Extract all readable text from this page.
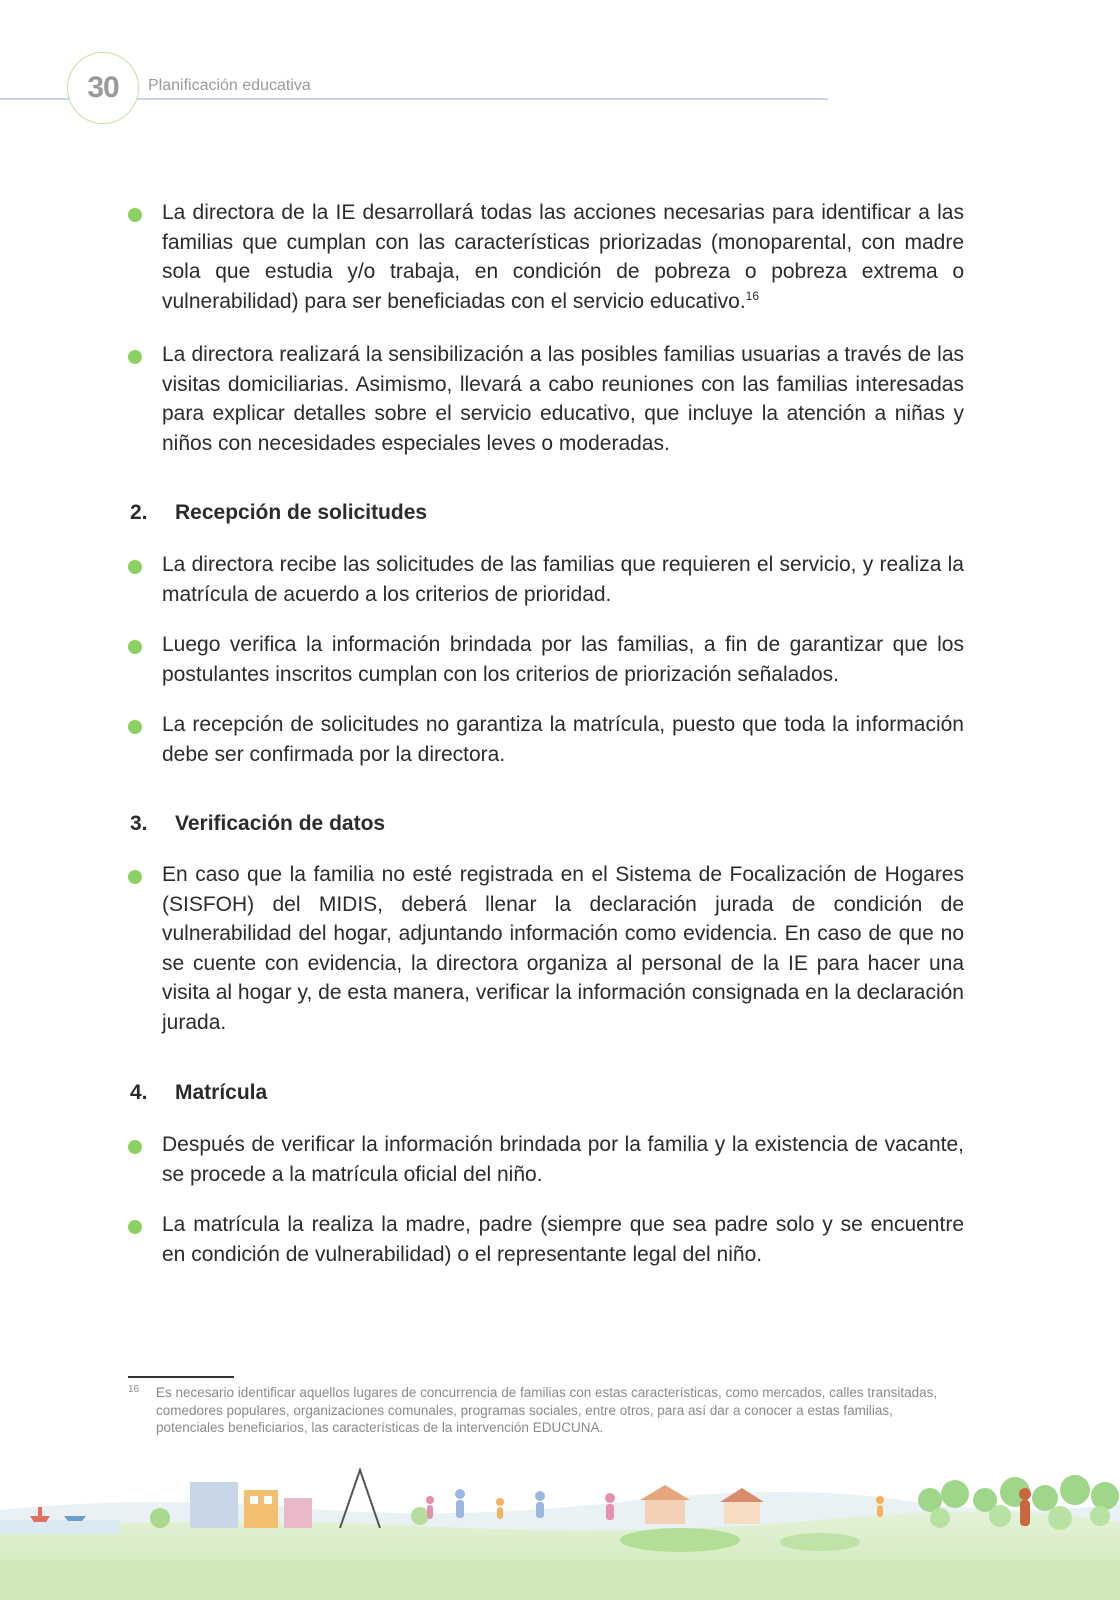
30 Planificación educativa
La directora de la IE desarrollará todas las acciones necesarias para identificar a las familias que cumplan con las características priorizadas (monoparental, con madre sola que estudia y/o trabaja, en condición de pobreza o pobreza extrema o vulnerabilidad) para ser beneficiadas con el servicio educativo.$^{16}$
La directora realizará la sensibilización a las posibles familias usuarias a través de las visitas domiciliarias. Asimismo, llevará a cabo reuniones con las familias interesadas para explicar detalles sobre el servicio educativo, que incluye la atención a niñas y niños con necesidades especiales leves o moderadas.
2. Recepción de solicitudes
La directora recibe las solicitudes de las familias que requieren el servicio, y realiza la matrícula de acuerdo a los criterios de prioridad.
Luego verifica la información brindada por las familias, a fin de garantizar que los postulantes inscritos cumplan con los criterios de priorización señalados.
La recepción de solicitudes no garantiza la matrícula, puesto que toda la información debe ser confirmada por la directora.
3. Verificación de datos
En caso que la familia no esté registrada en el Sistema de Focalización de Hogares (SISFOH) del MIDIS, deberá llenar la declaración jurada de condición de vulnerabilidad del hogar, adjuntando información como evidencia. En caso de que no se cuente con evidencia, la directora organiza al personal de la IE para hacer una visita al hogar y, de esta manera, verificar la información consignada en la declaración jurada.
4. Matrícula
Después de verificar la información brindada por la familia y la existencia de vacante, se procede a la matrícula oficial del niño.
La matrícula la realiza la madre, padre (siempre que sea padre solo y se encuentre en condición de vulnerabilidad) o el representante legal del niño.
16 Es necesario identificar aquellos lugares de concurrencia de familias con estas características, como mercados, calles transitadas, comedores populares, organizaciones comunales, programas sociales, entre otros, para así dar a conocer a estas familias, potenciales beneficiarios, las características de la intervención EDUCUNA.
